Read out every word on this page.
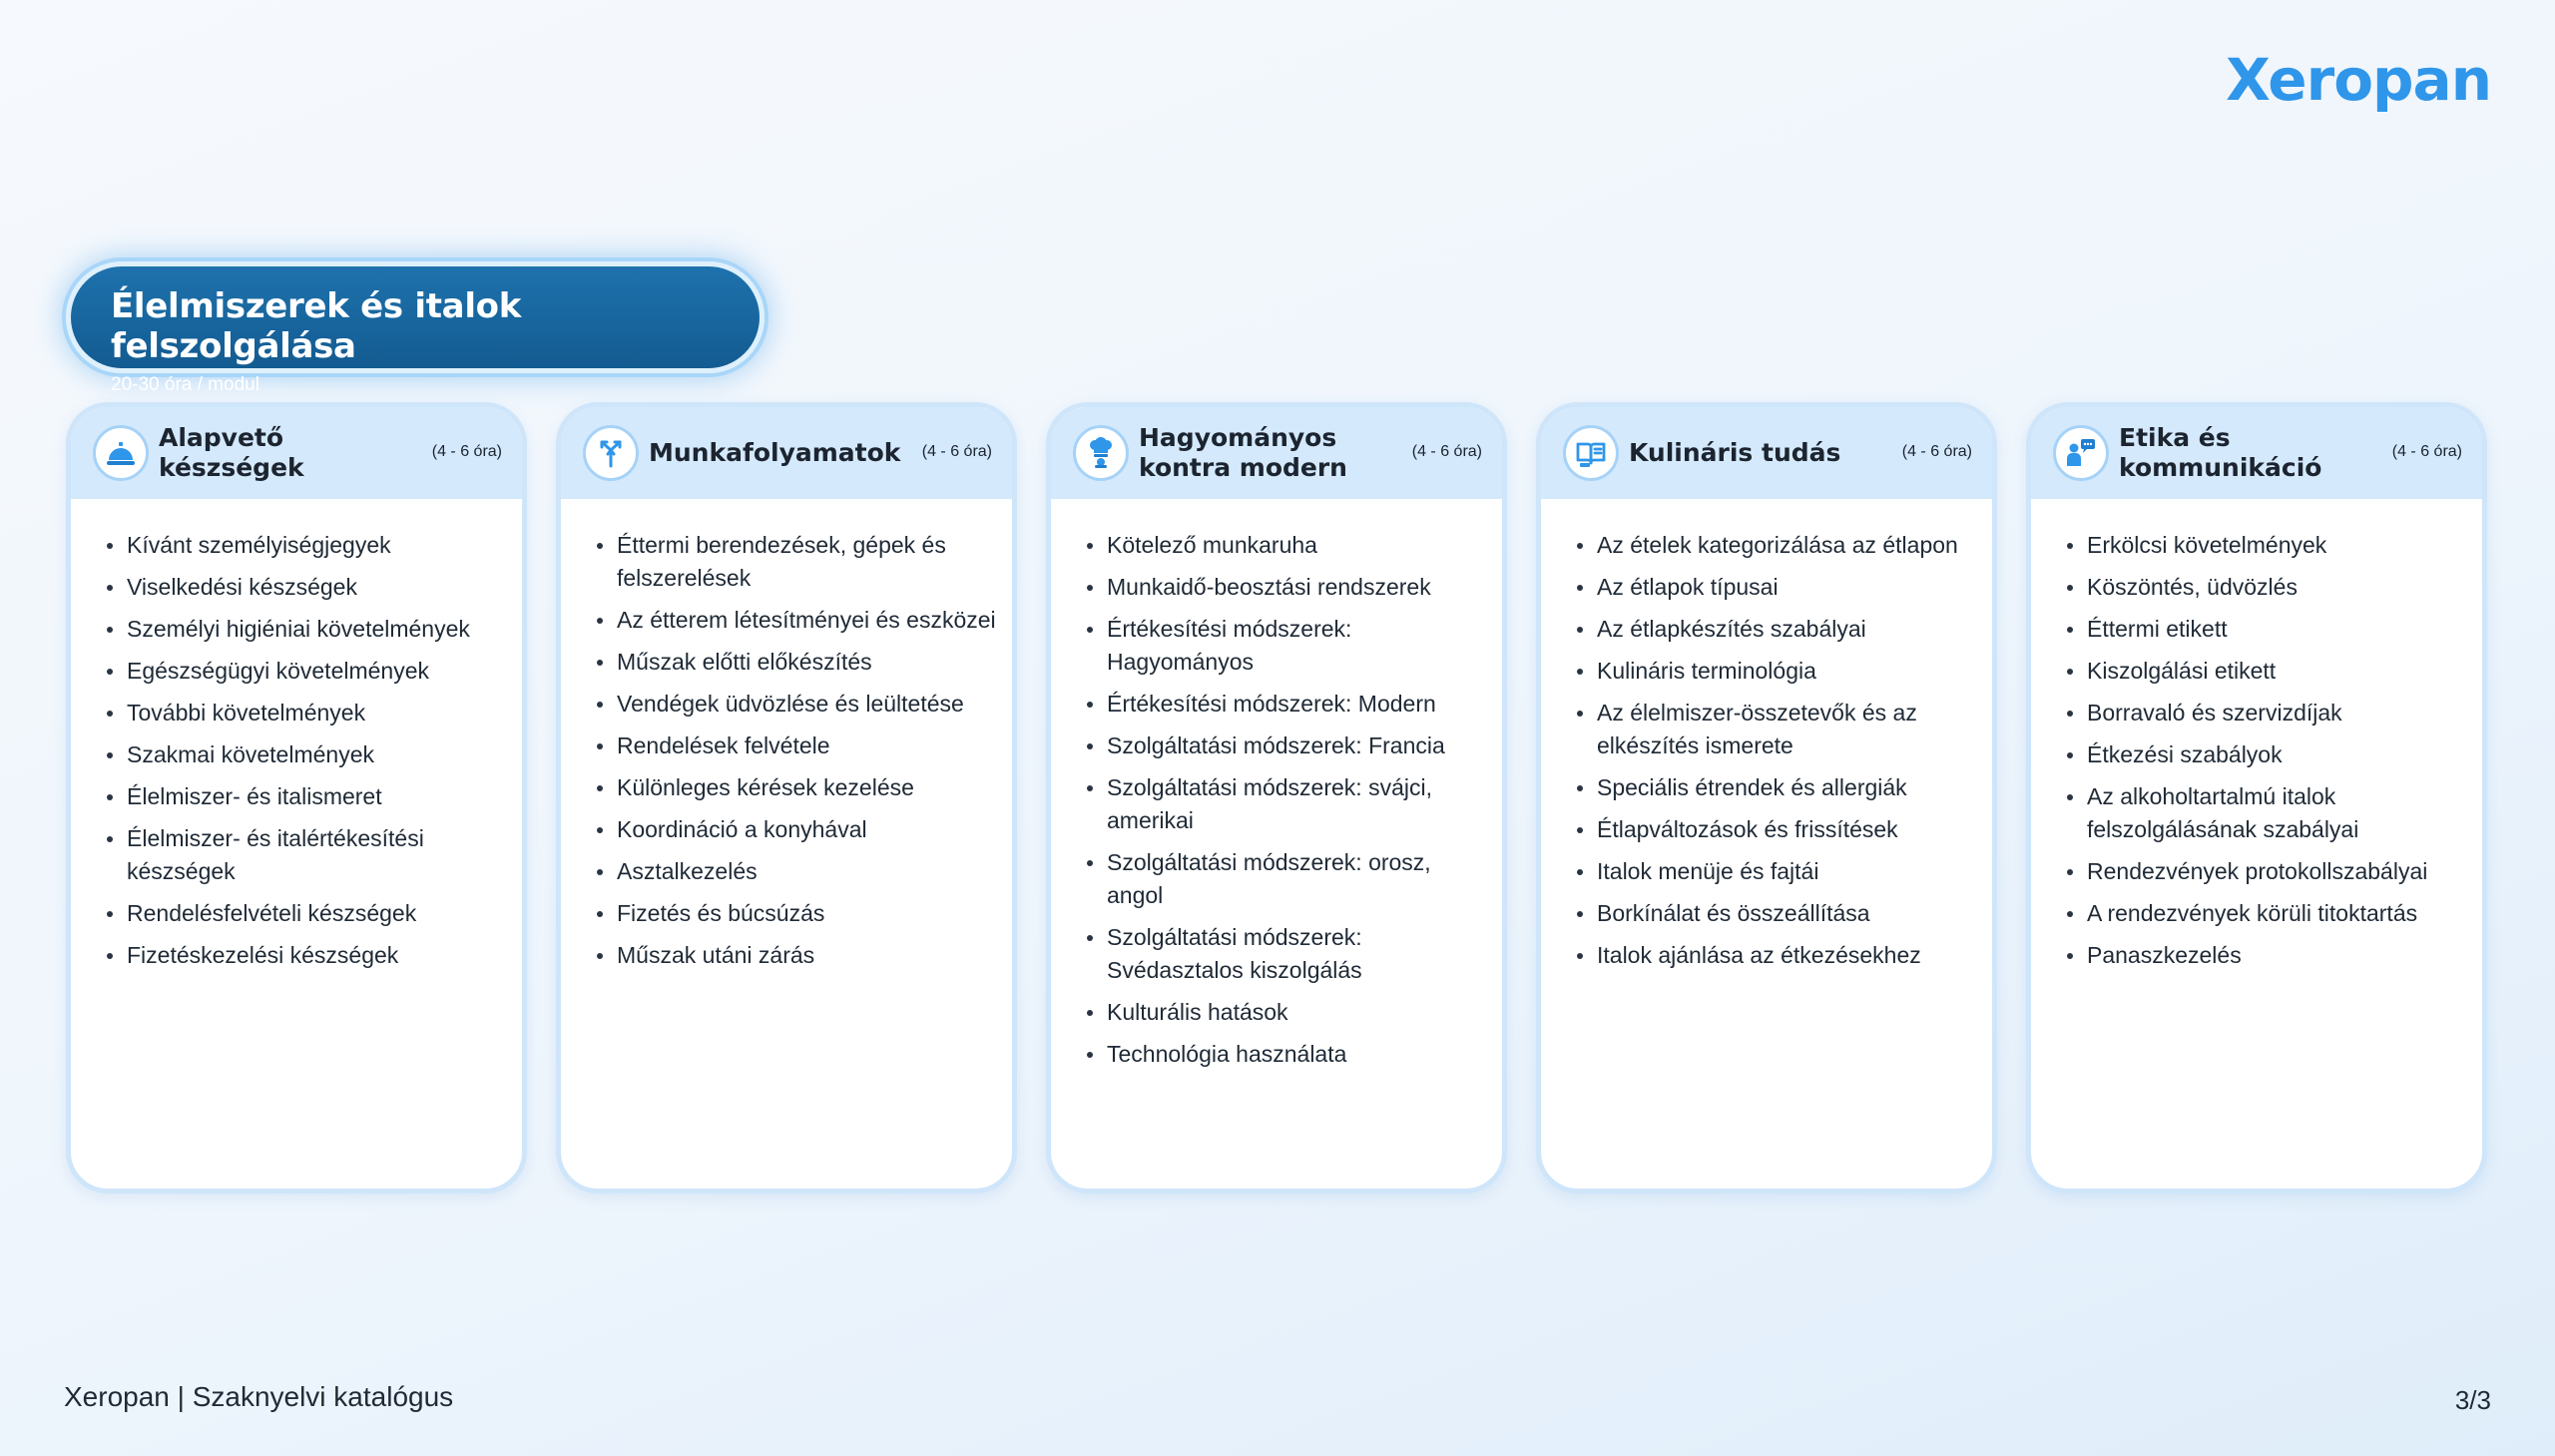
Xeropan
Élelmiszerek és italok felszolgálása
20-30 óra / modul
Alapvető
készségek
(4 - 6 óra)
Kívánt személyiségjegyek
Viselkedési készségek
Személyi higiéniai követelmények
Egészségügyi követelmények
További követelmények
Szakmai követelmények
Élelmiszer- és italismeret
Élelmiszer- és italértékesítési készségek
Rendelésfelvételi készségek
Fizetéskezelési készségek
Munkafolyamatok	(4 - 6 óra)
Éttermi berendezések, gépek és felszerelések
Az étterem létesítményei és eszközei
Műszak előtti előkészítés
Vendégek üdvözlése és leültetése
Rendelések felvétele
Különleges kérések kezelése
Koordináció a konyhával
Asztalkezelés
Fizetés és búcsúzás
Műszak utáni zárás
Hagyományos
kontra modern
(4 - 6 óra)
Kötelező munkaruha
Munkaidő-beosztási rendszerek
Értékesítési módszerek: Hagyományos
Értékesítési módszerek: Modern
Szolgáltatási módszerek: Francia
Szolgáltatási módszerek: svájci, amerikai
Szolgáltatási módszerek: orosz, angol
Szolgáltatási módszerek: Svédasztalos kiszolgálás
Kulturális hatások
Technológia használata
Kulináris tudás	(4 - 6 óra)
Az ételek kategorizálása az étlapon
Az étlapok típusai
Az étlapkészítés szabályai
Kulináris terminológia
Az élelmiszer-összetevők és az elkészítés ismerete
Speciális étrendek és allergiák
Étlapváltozások és frissítések
Italok menüje és fajtái
Borkínálat és összeállítása
Italok ajánlása az étkezésekhez
Etika és
kommunikáció
(4 - 6 óra)
Erkölcsi követelmények
Köszöntés, üdvözlés
Éttermi etikett
Kiszolgálási etikett
Borravaló és szervizdíjak
Étkezési szabályok
Az alkoholtartalmú italok felszolgálásának szabályai
Rendezvények protokollszabályai
A rendezvények körüli titoktartás
Panaszkezelés
Xeropan | Szaknyelvi katalógus	3/3
